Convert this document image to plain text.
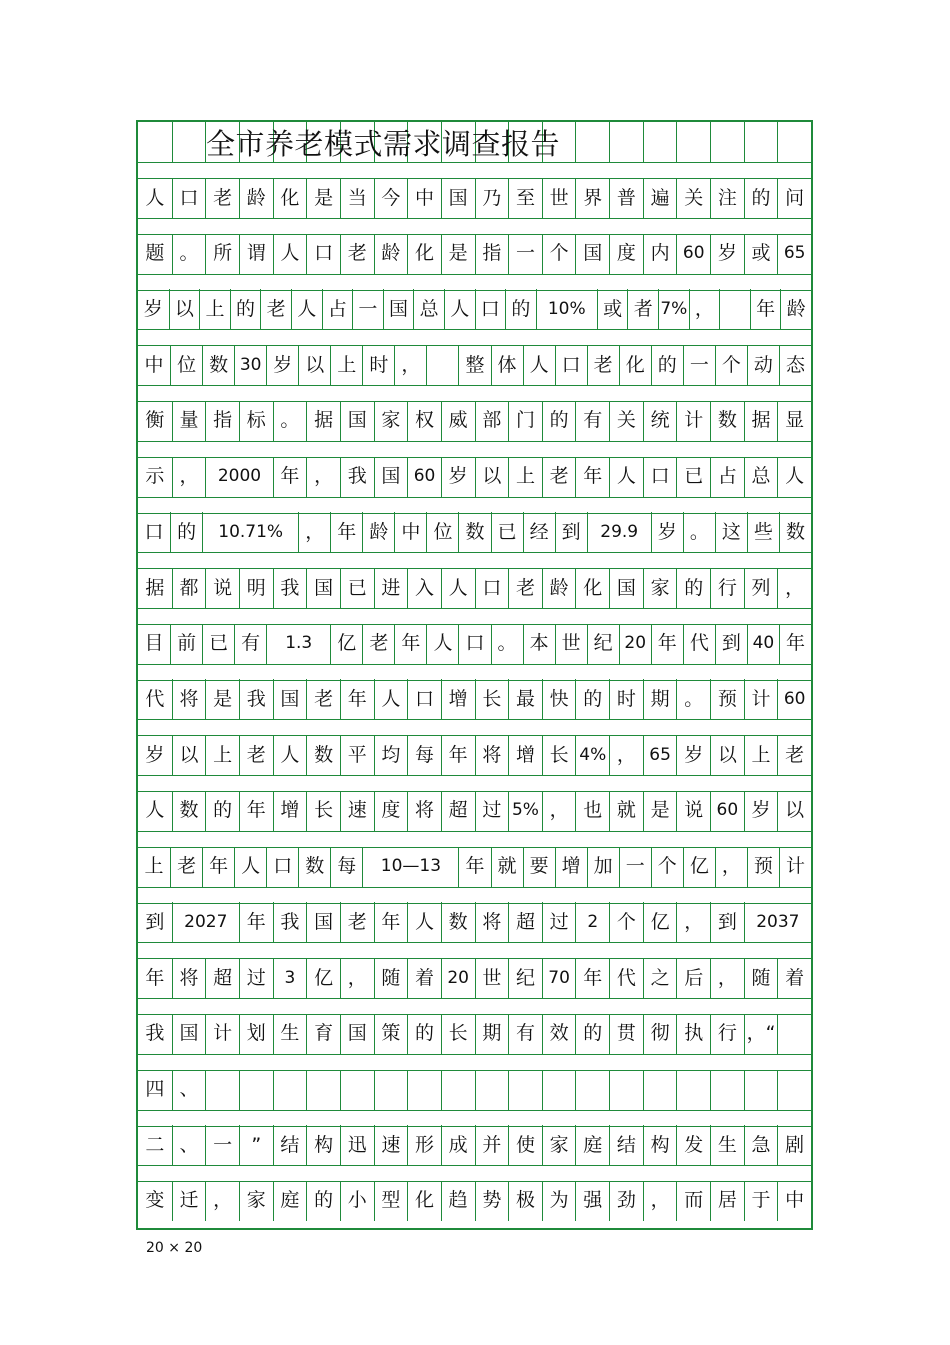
全市养老模式需求调查报告
人 口 老 龄 化 是 当 今 中 国 乃 至 世 界 普 遍 关 注 的 问
题 。 所 谓 人 口 老 龄 化 是 指 一 个 国 度 内 60 岁 或 65
岁 以 上 的 老 人 占 一 国 总 人 口 的	10% 或 者 7% ，	年 龄
中 位 数 30 岁 以 上 时 ，	整 体 人 口 老 化 的 一 个 动 态
衡 量 指 标 。 据 国 家 权 威 部 门 的 有 关 统 计 数 据 显
示 ，	2000	年 ， 我 国 60 岁 以 上 老 年 人 口 已 占 总 人
口 的	10.71%	， 年 龄 中 位 数 已 经 到	29.9	岁 。 这 些 数
据 都 说 明 我 国 已 进 入 人 口 老 龄 化 国 家 的 行 列 ，
目 前 已 有	1.3	亿 老 年 人 口 。 本 世 纪 20 年 代 到 40 年
代 将 是 我 国 老 年 人 口 增 长 最 快 的 时 期 。 预 计 60
岁 以 上 老 人 数 平 均 每 年 将 增 长 4% ， 65 岁 以 上 老
人 数 的 年 增 长 速 度 将 超 过 5% ， 也 就 是 说 60 岁 以
上 老 年 人 口 数 每	10—13	年 就 要 增 加 一 个 亿 ， 预 计
到	2027	年 我 国 老 年 人 数 将 超 过	2 个 亿 ， 到	2037
年 将 超 过	3 亿 ， 随 着 20 世 纪 70 年 代 之 后 ， 随 着
我 国 计 划 生 育 国 策 的 长 期 有 效 的 贯 彻 执 行 ，“
四 、
二 、 一	”	结 构 迅 速 形 成 并 使 家 庭 结 构 发 生 急 剧
变 迁 ， 家 庭 的 小 型 化 趋 势 极 为 强 劲 ， 而 居 于 中
20 × 20
